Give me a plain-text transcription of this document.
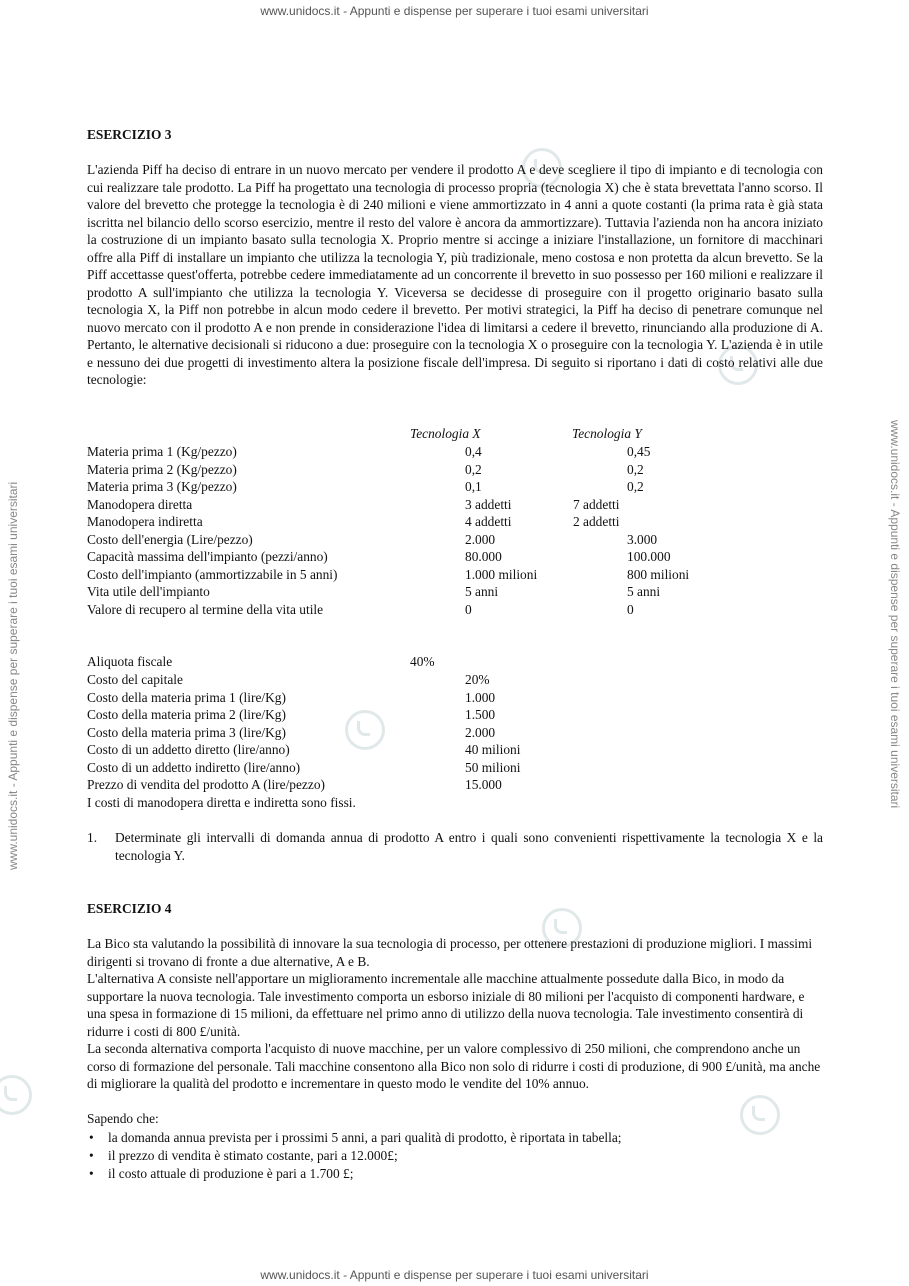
www.unidocs.it - Appunti e dispense per superare i tuoi esami universitari
www.unidocs.it - Appunti e dispense per superare i tuoi esami universitari
www.unidocs.it - Appunti e dispense per superare i tuoi esami universitari	www.unidocs.it - Appunti e dispense per superare i tuoi esami universitari
ESERCIZIO 3
L'azienda Piff ha deciso di entrare in un nuovo mercato per vendere il prodotto A e deve scegliere il tipo di impianto e di tecnologia con cui realizzare tale prodotto. La Piff ha progettato una tecnologia di processo propria (tecnologia X) che è stata brevettata l'anno scorso. Il valore del brevetto che protegge la tecnologia è di 240 milioni e viene ammortizzato in 4 anni a quote costanti (la prima rata è già stata iscritta nel bilancio dello scorso esercizio, mentre il resto del valore è ancora da ammortizzare). Tuttavia l'azienda non ha ancora iniziato la costruzione di un impianto basato sulla tecnologia X. Proprio mentre si accinge a iniziare l'installazione, un fornitore di macchinari offre alla Piff di installare un impianto che utilizza la tecnologia Y, più tradizionale, meno costosa e non protetta da alcun brevetto. Se la Piff accettasse quest'offerta, potrebbe cedere immediatamente ad un concorrente il brevetto in suo possesso per 160 milioni e realizzare il prodotto A sull'impianto che utilizza la tecnologia Y. Viceversa se decidesse di proseguire con il progetto originario basato sulla tecnologia X, la Piff non potrebbe in alcun modo cedere il brevetto. Per motivi strategici, la Piff ha deciso di penetrare comunque nel nuovo mercato con il prodotto A e non prende in considerazione l'idea di limitarsi a cedere il brevetto, rinunciando alla produzione di A. Pertanto, le alternative decisionali si riducono a due: proseguire con la tecnologia X o proseguire con la tecnologia Y. L'azienda è in utile e nessuno dei due progetti di investimento altera la posizione fiscale dell'impresa. Di seguito si riportano i dati di costo relativi alle due tecnologie:
Tecnologia X	Tecnologia Y
Materia prima 1 (Kg/pezzo)	0,4	0,45
Materia prima 2 (Kg/pezzo)	0,2	0,2
Materia prima 3 (Kg/pezzo)	0,1	0,2
Manodopera diretta	3 addetti	7 addetti
Manodopera indiretta	4 addetti	2 addetti
Costo dell'energia (Lire/pezzo)	2.000	3.000
Capacità massima dell'impianto (pezzi/anno)	80.000	100.000
Costo dell'impianto (ammortizzabile in 5 anni)	1.000 milioni	800 milioni
Vita utile dell'impianto	5 anni	5 anni
Valore di recupero al termine della vita utile	0	0
Aliquota fiscale	40%
Costo del capitale	20%
Costo della materia prima 1 (lire/Kg)	1.000
Costo della materia prima 2 (lire/Kg)	1.500
Costo della materia prima 3 (lire/Kg)	2.000
Costo di un addetto diretto (lire/anno)	40 milioni
Costo di un addetto indiretto (lire/anno)	50 milioni
Prezzo di vendita del prodotto A (lire/pezzo)	15.000
I costi di manodopera diretta e indiretta sono fissi.
1. Determinate gli intervalli di domanda annua di prodotto A entro i quali sono convenienti rispettivamente la tecnologia X e la tecnologia Y.
ESERCIZIO 4
La Bico sta valutando la possibilità di innovare la sua tecnologia di processo, per ottenere prestazioni di produzione migliori. I massimi dirigenti si trovano di fronte a due alternative, A e B.
L'alternativa A consiste nell'apportare un miglioramento incrementale alle macchine attualmente possedute dalla Bico, in modo da supportare la nuova tecnologia. Tale investimento comporta un esborso iniziale di 80 milioni per l'acquisto di componenti hardware, e una spesa in formazione di 15 milioni, da effettuare nel primo anno di utilizzo della nuova tecnologia. Tale investimento consentirà di ridurre i costi di 800 £/unità.
La seconda alternativa comporta l'acquisto di nuove macchine, per un valore complessivo di 250 milioni, che comprendono anche un corso di formazione del personale. Tali macchine consentono alla Bico non solo di ridurre i costi di produzione, di 900 £/unità, ma anche di migliorare la qualità del prodotto e incrementare in questo modo le vendite del 10% annuo.
Sapendo che:
• la domanda annua prevista per i prossimi 5 anni, a pari qualità di prodotto, è riportata in tabella;
• il prezzo di vendita è stimato costante, pari a 12.000£;
• il costo attuale di produzione è pari a 1.700 £;
